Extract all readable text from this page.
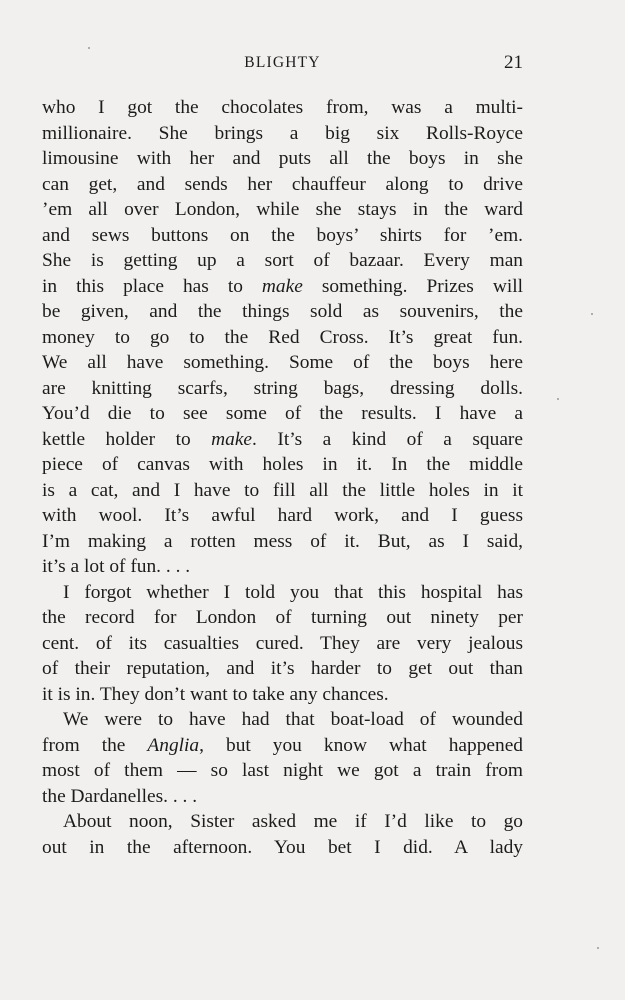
BLIGHTY	21
who I got the chocolates from, was a multi-
millionaire. She brings a big six Rolls-Royce
limousine with her and puts all the boys in she
can get, and sends her chauffeur along to drive
’em all over London, while she stays in the ward
and sews buttons on the boys’ shirts for ’em.
She is getting up a sort of bazaar. Every man
in this place has to make something. Prizes will
be given, and the things sold as souvenirs, the
money to go to the Red Cross. It’s great fun.
We all have something. Some of the boys here
are knitting scarfs, string bags, dressing dolls.
You’d die to see some of the results. I have a
kettle holder to make. It’s a kind of a square
piece of canvas with holes in it. In the middle
is a cat, and I have to fill all the little holes in it
with wool. It’s awful hard work, and I guess
I’m making a rotten mess of it. But, as I said,
it’s a lot of fun. . . .
I forgot whether I told you that this hospital has
the record for London of turning out ninety per
cent. of its casualties cured. They are very jealous
of their reputation, and it’s harder to get out than
it is in. They don’t want to take any chances.
We were to have had that boat-load of wounded
from the Anglia, but you know what happened
most of them — so last night we got a train from
the Dardanelles. . . .
About noon, Sister asked me if I’d like to go
out in the afternoon. You bet I did. A lady
